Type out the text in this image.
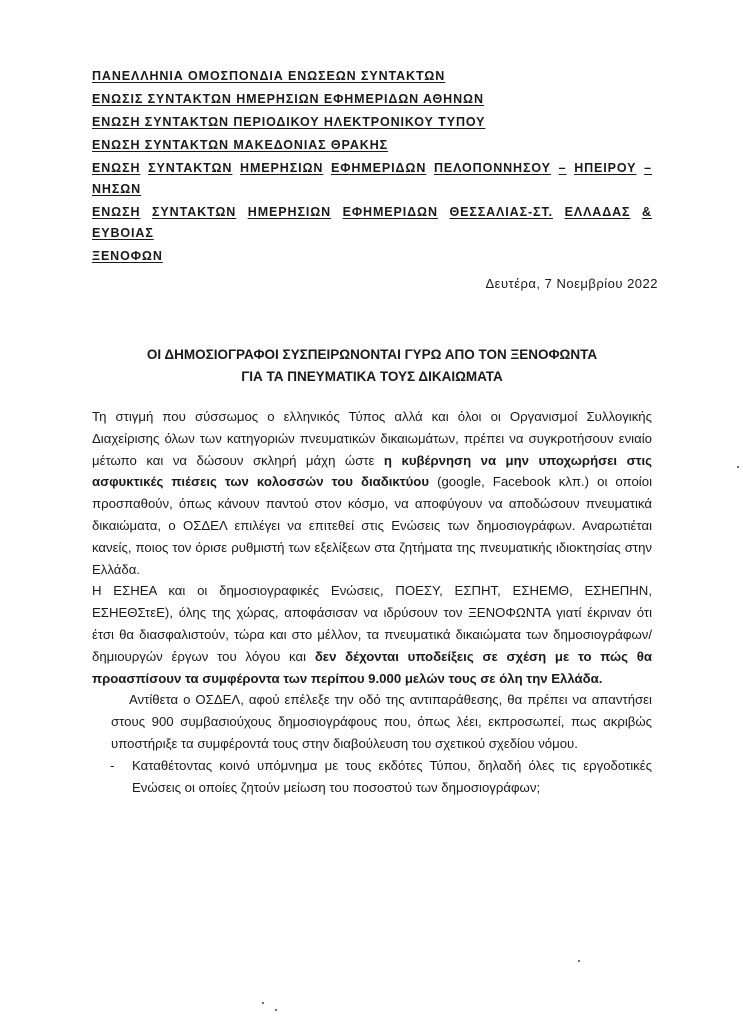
ΠΑΝΕΛΛΗΝΙΑ ΟΜΟΣΠΟΝΔΙΑ ΕΝΩΣΕΩΝ ΣΥΝΤΑΚΤΩΝ
ΕΝΩΣΙΣ ΣΥΝΤΑΚΤΩΝ ΗΜΕΡΗΣΙΩΝ ΕΦΗΜΕΡΙΔΩΝ ΑΘΗΝΩΝ
ΕΝΩΣΗ ΣΥΝΤΑΚΤΩΝ ΠΕΡΙΟΔΙΚΟΥ ΗΛΕΚΤΡΟΝΙΚΟΥ ΤΥΠΟΥ
ΕΝΩΣΗ ΣΥΝΤΑΚΤΩΝ ΜΑΚΕΔΟΝΙΑΣ ΘΡΑΚΗΣ
ΕΝΩΣΗ ΣΥΝΤΑΚΤΩΝ ΗΜΕΡΗΣΙΩΝ ΕΦΗΜΕΡΙΔΩΝ ΠΕΛΟΠΟΝΝΗΣΟΥ – ΗΠΕΙΡΟΥ –
ΝΗΣΩΝ
ΕΝΩΣΗ ΣΥΝΤΑΚΤΩΝ ΗΜΕΡΗΣΙΩΝ ΕΦΗΜΕΡΙΔΩΝ ΘΕΣΣΑΛΙΑΣ-ΣΤ. ΕΛΛΑΔΑΣ &
ΕΥΒΟΙΑΣ
ΞΕΝΟΦΩΝ
Δευτέρα, 7 Νοεμβρίου 2022
ΟΙ ΔΗΜΟΣΙΟΓΡΑΦΟΙ ΣΥΣΠΕΙΡΩΝΟΝΤΑΙ ΓΥΡΩ ΑΠΟ ΤΟΝ ΞΕΝΟΦΩΝΤΑ
ΓΙΑ ΤΑ ΠΝΕΥΜΑΤΙΚΑ ΤΟΥΣ ΔΙΚΑΙΩΜΑΤΑ

Τη στιγμή που σύσσωμος ο ελληνικός Τύπος αλλά και όλοι οι Οργανισμοί Συλλογικής Διαχείρισης όλων των κατηγοριών πνευματικών δικαιωμάτων, πρέπει να συγκροτήσουν ενιαίο μέτωπο και να δώσουν σκληρή μάχη ώστε η κυβέρνηση να μην υποχωρήσει στις ασφυκτικές πιέσεις των κολοσσών του διαδικτύου (google, Facebook κλπ.) οι οποίοι προσπαθούν, όπως κάνουν παντού στον κόσμο, να αποφύγουν να αποδώσουν πνευματικά δικαιώματα, ο ΟΣΔΕΛ επιλέγει να επιτεθεί στις Ενώσεις των δημοσιογράφων. Αναρωτιέται κανείς, ποιος τον όρισε ρυθμιστή των εξελίξεων στα ζητήματα της πνευματικής ιδιοκτησίας στην Ελλάδα.

Η ΕΣΗΕΑ και οι δημοσιογραφικές Ενώσεις, ΠΟΕΣΥ, ΕΣΠΗΤ, ΕΣΗΕΜΘ, ΕΣΗΕΠΗΝ, ΕΣΗΕΘΣτεΕ), όλης της χώρας, αποφάσισαν να ιδρύσουν τον ΞΕΝΟΦΩΝΤΑ γιατί έκριναν ότι έτσι θα διασφαλιστούν, τώρα και στο μέλλον, τα πνευματικά δικαιώματα των δημοσιογράφων/ δημιουργών έργων του λόγου και δεν δέχονται υποδείξεις σε σχέση με το πώς θα προασπίσουν τα συμφέροντα των περίπου 9.000 μελών τους σε όλη την Ελλάδα.

Αντίθετα ο ΟΣΔΕΛ, αφού επέλεξε την οδό της αντιπαράθεσης, θα πρέπει να απαντήσει στους 900 συμβασιούχους δημοσιογράφους που, όπως λέει, εκπροσωπεί, πως ακριβώς υποστήριξε τα συμφέροντά τους στην διαβούλευση του σχετικού σχεδίου νόμου.

-	Καταθέτοντας κοινό υπόμνημα με τους εκδότες Τύπου, δηλαδή όλες τις εργοδοτικές Ενώσεις οι οποίες ζητούν μείωση του ποσοστού των δημοσιογράφων;
